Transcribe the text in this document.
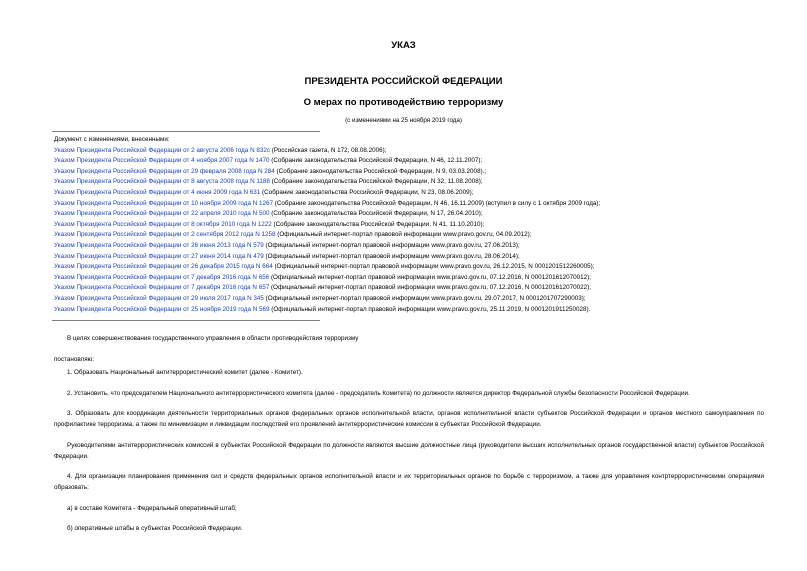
УКАЗ
ПРЕЗИДЕНТА РОССИЙСКОЙ ФЕДЕРАЦИИ
О мерах по противодействию терроризму
(с изменениями на 25 ноября 2019 года)
Документ с изменениями, внесенными:
Указом Президента Российской Федерации от 2 августа 2006 года N 832с (Российская газета, N 172, 08.08.2006);
Указом Президента Российской Федерации от 4 ноября 2007 года N 1470 (Собрание законодательства Российской Федерации, N 46, 12.11.2007);
Указом Президента Российской Федерации от 29 февраля 2008 года N 284 (Собрание законодательства Российской Федерации, N 9, 03.03.2008).;
Указом Президента Российской Федерации от 8 августа 2008 года N 1188 (Собрание законодательства Российской Федерации, N 32, 11.08.2008);
Указом Президента Российской Федерации от 4 июня 2009 года N 631 (Собрание законодательства Российской Федерации, N 23, 08.06.2009);
Указом Президента Российской Федерации от 10 ноября 2009 года N 1267 (Собрание законодательства Российской Федерации, N 46, 16.11.2009) (вступил в силу с 1 октября 2009 года);
Указом Президента Российской Федерации от 22 апреля 2010 года N 500 (Собрание законодательства Российской Федерации, N 17, 26.04.2010);
Указом Президента Российской Федерации от 8 октября 2010 года N 1222 (Собрание законодательства Российской Федерации, N 41, 11.10.2010);
Указом Президента Российской Федерации от 2 сентября 2012 года N 1258 (Официальный интернет-портал правовой информации www.pravo.gov.ru, 04.09.2012);
Указом Президента Российской Федерации от 26 июня 2013 года N 579 (Официальный интернет-портал правовой информации www.pravo.gov.ru, 27.06.2013);
Указом Президента Российской Федерации от 27 июня 2014 года N 479 (Официальный интернет-портал правовой информации www.pravo.gov.ru, 28.06.2014);
Указом Президента Российской Федерации от 26 декабря 2015 года N 664 (Официальный интернет-портал правовой информации www.pravo.gov.ru, 26.12.2015, N 0001201512260005);
Указом Президента Российской Федерации от 7 декабря 2016 года N 656 (Официальный интернет-портал правовой информации www.pravo.gov.ru, 07.12.2016, N 0001201612070012);
Указом Президента Российской Федерации от 7 декабря 2016 года N 657 (Официальный интернет-портал правовой информации www.pravo.gov.ru, 07.12.2016, N 0001201612070022);
Указом Президента Российской Федерации от 29 июля 2017 года N 345 (Официальный интернет-портал правовой информации www.pravo.gov.ru, 29.07.2017, N 0001201707290003);
Указом Президента Российской Федерации от 25 ноября 2019 года N 569 (Официальный интернет-портал правовой информации www.pravo.gov.ru, 25.11.2019, N 0001201911250028).
В целях совершенствования государственного управления в области противодействия терроризму
постановляю:
1. Образовать Национальный антитеррористический комитет (далее - Комитет).
2. Установить, что председателем Национального антитеррористического комитета (далее - председатель Комитета) по должности является директор Федеральной службы безопасности Российской Федерации.
3. Образовать для координации деятельности территориальных органов федеральных органов исполнительной власти, органов исполнительной власти субъектов Российской Федерации и органов местного самоуправления по профилактике терроризма, а также по минимизации и ликвидации последствий его проявлений антитеррористические комиссии в субъектах Российской Федерации.
Руководителями антитеррористических комиссий в субъектах Российской Федерации по должности являются высшие должностные лица (руководители высших исполнительных органов государственной власти) субъектов Российской Федерации.
4. Для организации планирования применения сил и средств федеральных органов исполнительной власти и их территориальных органов по борьбе с терроризмом, а также для управления контртеррористическими операциями образовать:
а) в составе Комитета - Федеральный оперативный штаб;
б) оперативные штабы в субъектах Российской Федерации.
